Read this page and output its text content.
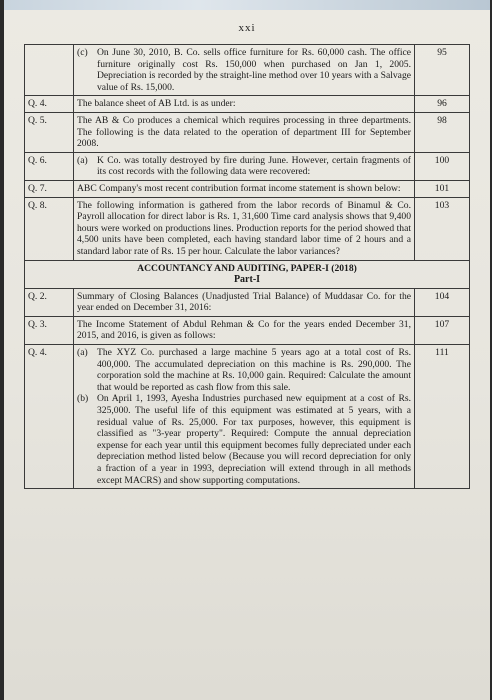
xxi

	(c) On June 30, 2010, B. Co. sells office furniture for Rs. 60,000 cash. The office furniture originally cost Rs. 150,000 when purchased on Jan 1, 2005. Depreciation is recorded by the straight-line method over 10 years with a Salvage value of Rs. 15,000.	95
Q. 4.	The balance sheet of AB Ltd. is as under:	96
Q. 5.	The AB & Co produces a chemical which requires processing in three departments. The following is the data related to the operation of department III for September 2008.	98
Q. 6.	(a) K Co. was totally destroyed by fire during June. However, certain fragments of its cost records with the following data were recovered:	100
Q. 7.	ABC Company's most recent contribution format income statement is shown below:	101
Q. 8.	The following information is gathered from the labor records of Binamul & Co. Payroll allocation for direct labor is Rs. 1, 31,600 Time card analysis shows that 9,400 hours were worked on productions lines. Production reports for the period showed that 4,500 units have been completed, each having standard labor time of 2 hours and a standard labor rate of Rs. 15 per hour. Calculate the labor variances?	103

ACCOUNTANCY AND AUDITING, PAPER-I (2018)
Part-I		

Q. 2.	Summary of Closing Balances (Unadjusted Trial Balance) of Muddasar Co. for the year ended on December 31, 2016:	104
Q. 3.	The Income Statement of Abdul Rehman & Co for the years ended December 31, 2015, and 2016, is given as follows:	107
Q. 4.	(a) The XYZ Co. purchased a large machine 5 years ago at a total cost of Rs. 400,000. The accumulated depreciation on this machine is Rs. 290,000. The corporation sold the machine at Rs. 10,000 gain. Required: Calculate the amount that would be reported as cash flow from this sale.
(b) On April 1, 1993, Ayesha Industries purchased new equipment at a cost of Rs. 325,000. The useful life of this equipment was estimated at 5 years, with a residual value of Rs. 25,000. For tax purposes, however, this equipment is classified as "3-year property". Required: Compute the annual depreciation expense for each year until this equipment becomes fully depreciated under each depreciation method listed below (Because you will record depreciation for only a fraction of a year in 1993, depreciation will extend through in all methods except MACRS) and show supporting computations.	111
